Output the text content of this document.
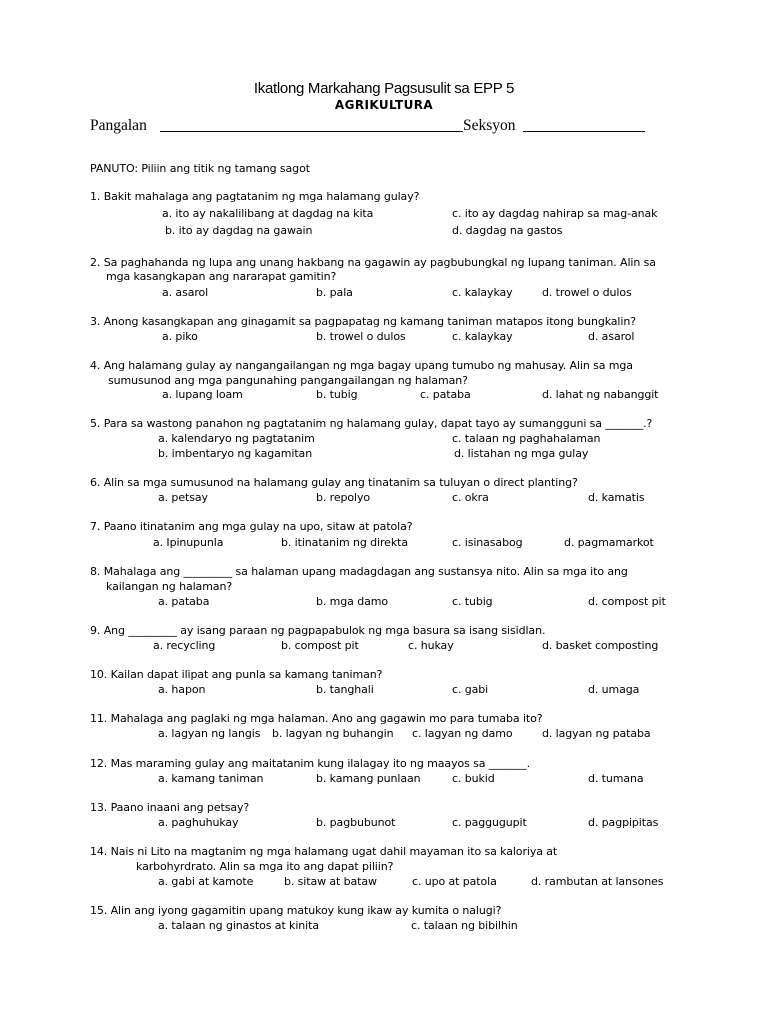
Ikatlong Markahang Pagsusulit sa EPP 5
AGRIKULTURA
Pangalan	Seksyon
PANUTO: Piliin ang titik ng tamang sagot
1. Bakit mahalaga ang pagtatanim ng mga halamang gulay?
a. ito ay nakalilibang at dagdag na kita	c. ito ay dagdag nahirap sa mag-anak
b. ito ay dagdag na gawain	d. dagdag na gastos
2. Sa paghahanda ng lupa ang unang hakbang na gagawin ay pagbubungkal ng lupang taniman. Alin sa
mga kasangkapan ang nararapat gamitin?
a. asarol	b. pala	c. kalaykay	d. trowel o dulos
3. Anong kasangkapan ang ginagamit sa pagpapatag ng kamang taniman matapos itong bungkalin?
a. piko	b. trowel o dulos	c. kalaykay	d. asarol
4. Ang halamang gulay ay nangangailangan ng mga bagay upang tumubo ng mahusay. Alin sa mga
sumusunod ang mga pangunahing pangangailangan ng halaman?
a. lupang loam	b. tubig	c. pataba	d. lahat ng nabanggit
5. Para sa wastong panahon ng pagtatanim ng halamang gulay, dapat tayo ay sumangguni sa _______.?
a. kalendaryo ng pagtatanim	c. talaan ng paghahalaman
b. imbentaryo ng kagamitan	d. listahan ng mga gulay
6. Alin sa mga sumusunod na halamang gulay ang tinatanim sa tuluyan o direct planting?
a. petsay	b. repolyo	c. okra	d. kamatis
7. Paano itinatanim ang mga gulay na upo, sitaw at patola?
a. Ipinupunla	b. itinatanim ng direkta	c. isinasabog	d. pagmamarkot
8. Mahalaga ang _________ sa halaman upang madagdagan ang sustansya nito. Alin sa mga ito ang
kailangan ng halaman?
a. pataba	b. mga damo	c. tubig	d. compost pit
9. Ang _________ ay isang paraan ng pagpapabulok ng mga basura sa isang sisidlan.
a. recycling	b. compost pit	c. hukay	d. basket composting
10. Kailan dapat ilipat ang punla sa kamang taniman?
a. hapon	b. tanghali	c. gabi	d. umaga
11. Mahalaga ang paglaki ng mga halaman. Ano ang gagawin mo para tumaba ito?
a. lagyan ng langis b. lagyan ng buhangin c. lagyan ng damo	d. lagyan ng pataba
12. Mas maraming gulay ang maitatanim kung ilalagay ito ng maayos sa _______.
a. kamang taniman	b. kamang punlaan	c. bukid	d. tumana
13. Paano inaani ang petsay?
a. paghuhukay	b. pagbubunot	c. paggugupit	d. pagpipitas
14. Nais ni Lito na magtanim ng mga halamang ugat dahil mayaman ito sa kaloriya at
karbohyrdrato. Alin sa mga ito ang dapat piliin?
a. gabi at kamote	b. sitaw at bataw	c. upo at patola	d. rambutan at lansones
15. Alin ang iyong gagamitin upang matukoy kung ikaw ay kumita o nalugi?
a. talaan ng ginastos at kinita	c. talaan ng bibilhin
